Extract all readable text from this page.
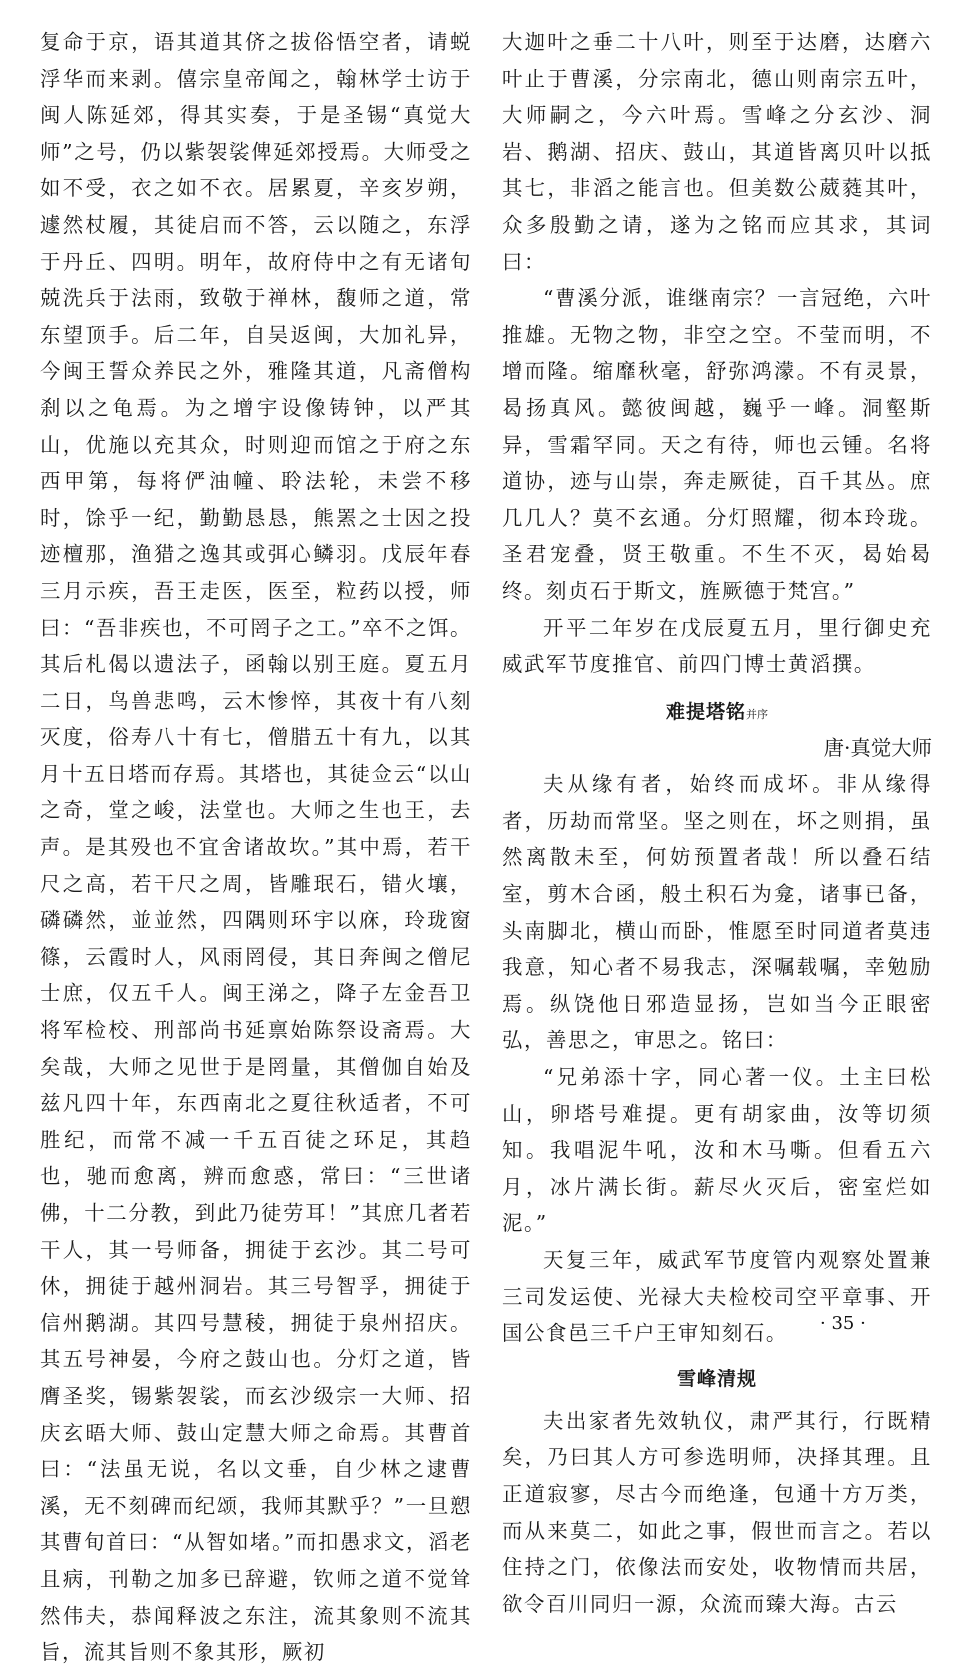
复命于京，语其道其侪之拔俗悟空者，请蜕浮华而来剥。僖宗皇帝闻之，翰林学士访于闽人陈延郊，得其实奏，于是圣锡“真觉大师”之号，仍以紫袈裟俾延郊授焉。大师受之如不受，衣之如不衣。居累夏，辛亥岁朔，遽然杖履，其徒启而不答，云以随之，东浮于丹丘、四明。明年，故府侍中之有无诸旬兢洗兵于法雨，致敬于禅林，馥师之道，常东望顶手。后二年，自吴返闽，大加礼异，今闽王誓众养民之外，雅隆其道，凡斋僧构刹以之龟焉。为之增宇设像铸钟，以严其山，优施以充其众，时则迎而馆之于府之东西甲第，每将俨油幢、聆法轮，未尝不移时，馀乎一纪，勤勤恳恳，熊罴之士因之投迹檀那，渔猎之逸其或弭心鳞羽。戊辰年春三月示疾，吾王走医，医至，粒药以授，师曰：“吾非疾也，不可罔子之工。”卒不之饵。其后札偈以遗法子，函翰以别王庭。夏五月二日，鸟兽悲鸣，云木惨悴，其夜十有八刻灭度，俗寿八十有七，僧腊五十有九，以其月十五日塔而存焉。其塔也，其徒佥云“以山之奇，堂之峻，法堂也。大师之生也王，去声。是其殁也不宜舍诸故坎。”其中焉，若干尺之高，若干尺之周，皆雕珉石，错火壤，磷磷然，並並然，四隅则环宇以庥，玲珑窗篠，云霞时人，风雨罔侵，其日奔闽之僧尼士庶，仅五千人。闽王涕之，降子左金吾卫将军检校、刑部尚书延禀始陈祭设斋焉。大矣哉，大师之见世于是罔量，其僧伽自始及兹凡四十年，东西南北之夏往秋适者，不可胜纪，而常不减一千五百徒之环足，其趋也，驰而愈离，辨而愈惑，常曰：“三世诸佛，十二分教，到此乃徒劳耳！”其庶几者若干人，其一号师备，拥徒于玄沙。其二号可休，拥徒于越州洞岩。其三号智孚，拥徒于信州鹅湖。其四号慧稜，拥徒于泉州招庆。其五号神晏，今府之鼓山也。分灯之道，皆膺圣奖，锡紫袈裟，而玄沙级宗一大师、招庆玄晤大师、鼓山定慧大师之命焉。其曹首曰：“法虽无说，名以文垂，自少林之逮曹溪，无不刻碑而纪颂，我师其默乎？”一旦愬其曹旬首曰：“从智如堵。”而扣愚求文，滔老且病，刊勒之加多已辞避，钦师之道不觉耸然伟夫，恭闻释波之东注，流其象则不流其旨，流其旨则不象其形，厥初

大迦叶之垂二十八叶，则至于达磨，达磨六叶止于曹溪，分宗南北，德山则南宗五叶，大师嗣之，今六叶焉。雪峰之分玄沙、洞岩、鹅湖、招庆、鼓山，其道皆离贝叶以抵其七，非滔之能言也。但美数公葳蕤其叶，众多殷勤之请，遂为之铭而应其求，其词曰：

“曹溪分派，谁继南宗？一言冠绝，六叶推雄。无物之物，非空之空。不莹而明，不增而隆。缩靡秋毫，舒弥鸿濛。不有灵景，曷扬真风。懿彼闽越，巍乎一峰。洞壑斯异，雪霜罕同。天之有待，师也云锺。名将道协，迹与山崇，奔走厥徒，百千其丛。庶几几人？莫不玄通。分灯照耀，彻本玲珑。圣君宠叠，贤王敬重。不生不灭，曷始曷终。刻贞石于斯文，旌厥德于梵宫。”

开平二年岁在戊辰夏五月，里行御史充威武军节度推官、前四门博士黄滔撰。

难提塔铭并序

唐·真觉大师

夫从缘有者，始终而成坏。非从缘得者，历劫而常坚。坚之则在，坏之则捐，虽然离散未至，何妨预置者哉！所以叠石结室，剪木合函，般土积石为龛，诸事已备，头南脚北，横山而卧，惟愿至时同道者莫违我意，知心者不易我志，深嘱载嘱，幸勉励焉。纵饶他日邪造显扬，岂如当今正眼密弘，善思之，审思之。铭曰：

“兄弟添十字，同心著一仪。土主曰松山，卵塔号难提。更有胡家曲，汝等切须知。我唱泥牛吼，汝和木马嘶。但看五六月，冰片满长街。薪尽火灭后，密室烂如泥。”

天复三年，威武军节度管内观察处置兼三司发运使、光禄大夫检校司空平章事、开国公食邑三千户王审知刻石。

雪峰清规

夫出家者先效轨仪，肃严其行，行既精矣，乃曰其人方可参选明师，决择其理。且正道寂寥，尽古今而绝逢，包通十方万类，而从来莫二，如此之事，假世而言之。若以住持之门，依像法而安处，收物情而共居，欲令百川同归一源，众流而臻大海。古云

· 35 ·
